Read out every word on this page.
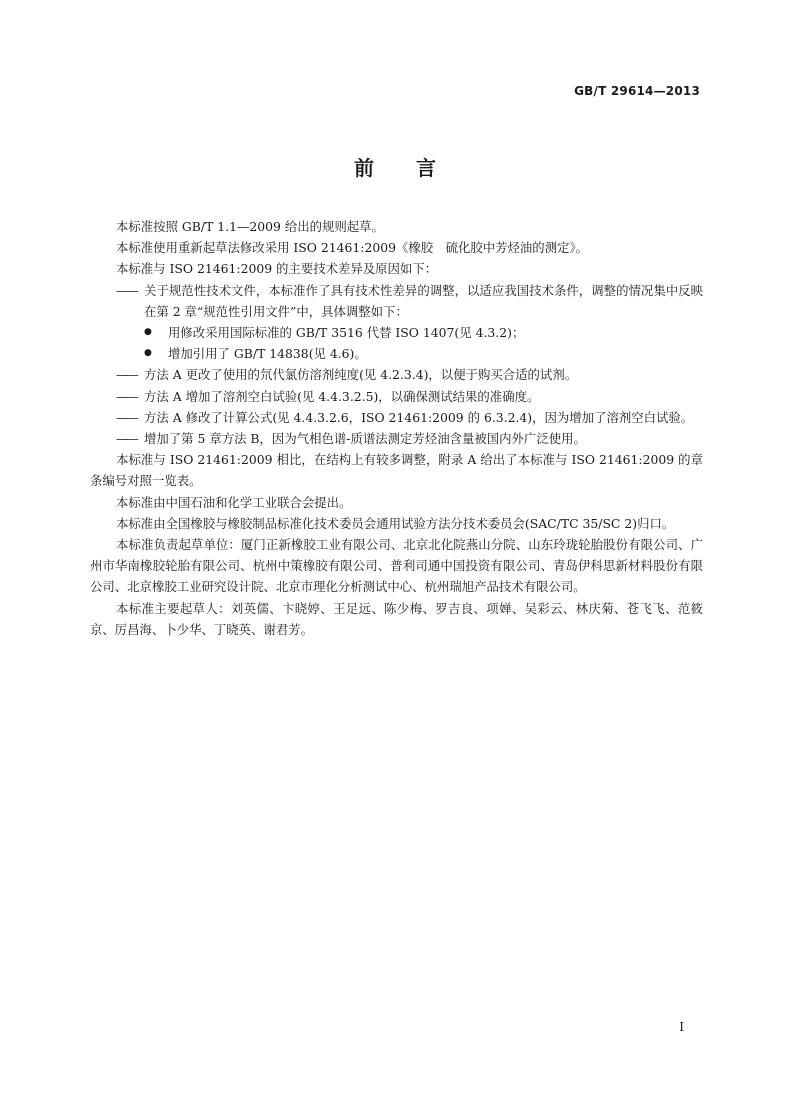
GB/T 29614—2013
前 言

本标准按照 GB/T 1.1—2009 给出的规则起草。

本标准使用重新起草法修改采用 ISO 21461:2009《橡胶　硫化胶中芳烃油的测定》。

本标准与 ISO 21461:2009 的主要技术差异及原因如下：

—— 关于规范性技术文件，本标准作了具有技术性差异的调整，以适应我国技术条件，调整的情况集中反映在第 2 章“规范性引用文件”中，具体调整如下：

● 用修改采用国际标准的 GB/T 3516 代替 ISO 1407(见 4.3.2)；

● 增加引用了 GB/T 14838(见 4.6)。

—— 方法 A 更改了使用的氘代氯仿溶剂纯度(见 4.2.3.4)，以便于购买合适的试剂。

—— 方法 A 增加了溶剂空白试验(见 4.4.3.2.5)，以确保测试结果的准确度。

—— 方法 A 修改了计算公式(见 4.4.3.2.6，ISO 21461:2009 的 6.3.2.4)，因为增加了溶剂空白试验。

—— 增加了第 5 章方法 B，因为气相色谱-质谱法测定芳烃油含量被国内外广泛使用。

本标准与 ISO 21461:2009 相比，在结构上有较多调整，附录 A 给出了本标准与 ISO 21461:2009 的章条编号对照一览表。

本标准由中国石油和化学工业联合会提出。

本标准由全国橡胶与橡胶制品标准化技术委员会通用试验方法分技术委员会(SAC/TC 35/SC 2)归口。

本标准负责起草单位：厦门正新橡胶工业有限公司、北京北化院燕山分院、山东玲珑轮胎股份有限公司、广州市华南橡胶轮胎有限公司、杭州中策橡胶有限公司、普利司通中国投资有限公司、青岛伊科思新材料股份有限公司、北京橡胶工业研究设计院、北京市理化分析测试中心、杭州瑞旭产品技术有限公司。

本标准主要起草人：刘英儒、卞晓婷、王足远、陈少梅、罗吉良、项婵、吴彩云、林庆菊、苍飞飞、范筱京、厉昌海、卜少华、丁晓英、谢君芳。

I
